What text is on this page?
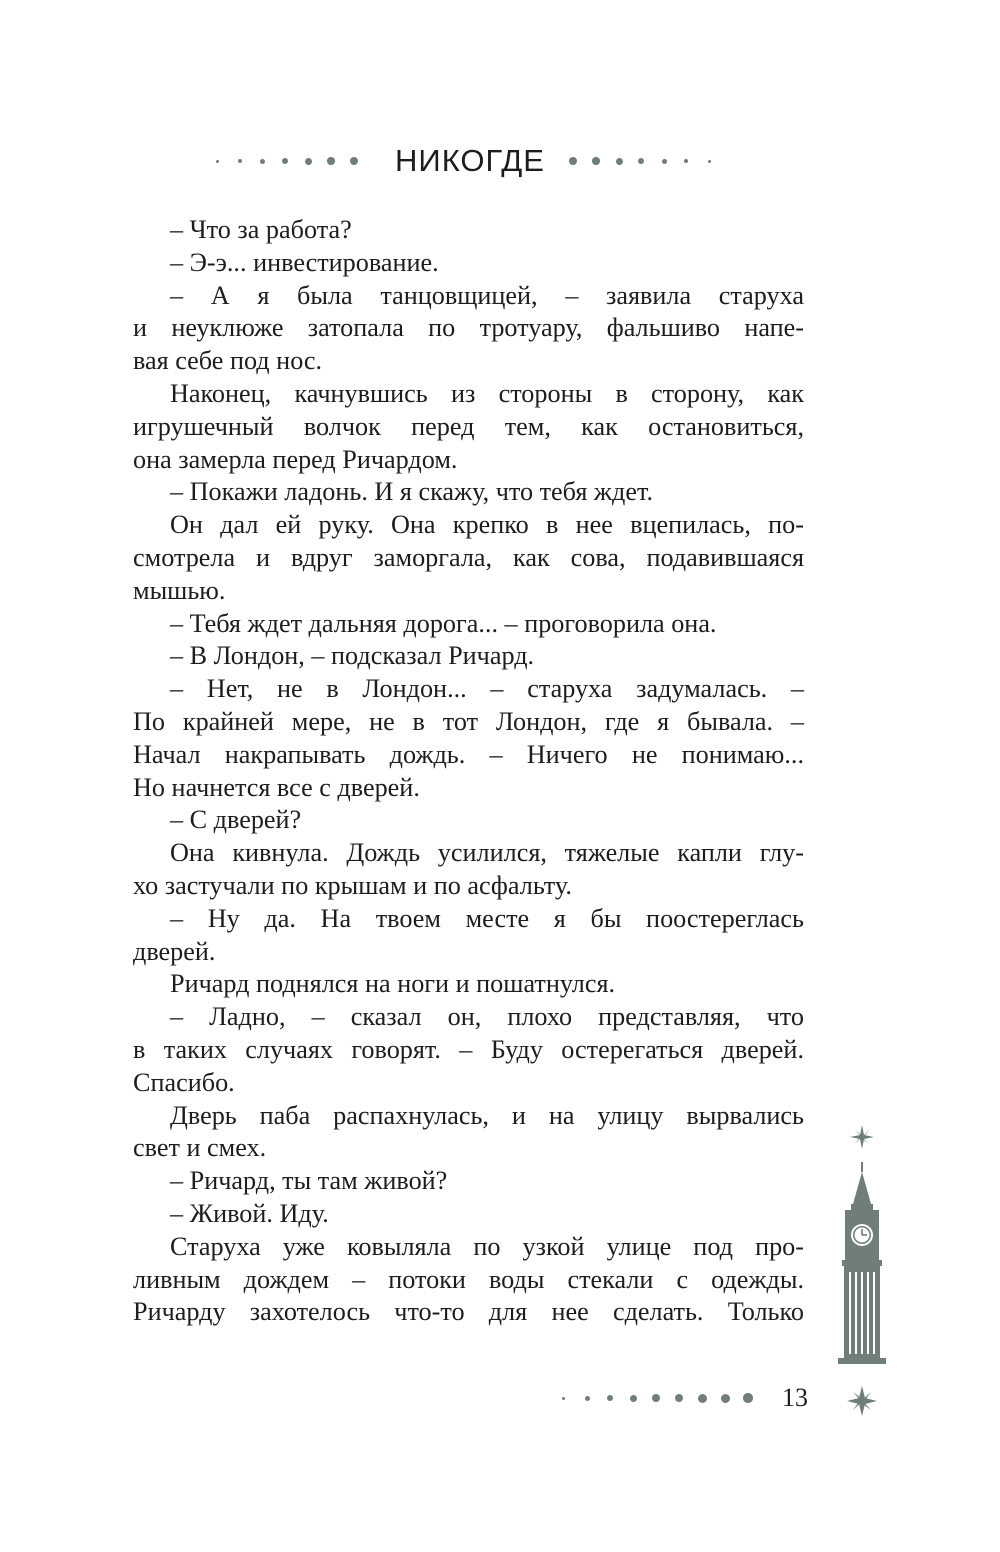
НИКОГДЕ
– Что за работа?
– Э-э... инвестирование.
– А я была танцовщицей, – заявила старуха
и неуклюже затопала по тротуару, фальшиво напе-
вая себе под нос.
Наконец, качнувшись из стороны в сторону, как
игрушечный волчок перед тем, как остановиться,
она замерла перед Ричардом.
– Покажи ладонь. И я скажу, что тебя ждет.
Он дал ей руку. Она крепко в нее вцепилась, по-
смотрела и вдруг заморгала, как сова, подавившаяся
мышью.
– Тебя ждет дальняя дорога... – проговорила она.
– В Лондон, – подсказал Ричард.
– Нет, не в Лондон... – старуха задумалась. –
По крайней мере, не в тот Лондон, где я бывала. –
Начал накрапывать дождь. – Ничего не понимаю...
Но начнется все с дверей.
– С дверей?
Она кивнула. Дождь усилился, тяжелые капли глу-
хо застучали по крышам и по асфальту.
– Ну да. На твоем месте я бы поостереглась
дверей.
Ричард поднялся на ноги и пошатнулся.
– Ладно, – сказал он, плохо представляя, что
в таких случаях говорят. – Буду остерегаться дверей.
Спасибо.
Дверь паба распахнулась, и на улицу вырвались
свет и смех.
– Ричард, ты там живой?
– Живой. Иду.
Старуха уже ковыляла по узкой улице под про-
ливным дождем – потоки воды стекали с одежды.
Ричарду захотелось что-то для нее сделать. Только
13
